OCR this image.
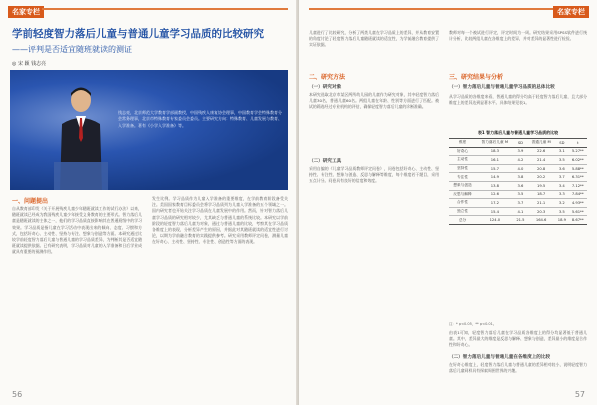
名家专栏
学前轻度智力落后儿童与普通儿童学习品质的比较研究
——评判是否适宜随班就读的测证
◎ 宋 颖 钱志亮
钱志亮，北京师范大学教育学部副教授，中国残疾人康复协会理事，中国教育学会特殊教育分会常务理事，北京市特殊教育专家委员会委员。主要研究方向：特殊教育、儿童发展与教育、入学准备。著有《小学入学准备》等。
一、问题提出
自从教育部印发《关于开展残疾儿童少年随班就读工作的试行办法》以来，随班就读已经成为我国残疾儿童少年接受义务教育的主要形式。智力落后儿童是随班就读的主体之一，他们的学习品质直接影响其在普通班级中的学习效果。学习品质是指儿童在学习活动中表现出来的倾向、态度、习惯和方式，包括好奇心、主动性、坚持与专注、想象与创造等方面。本研究通过比较学前轻度智力落后儿童与普通儿童的学习品质差异，为判断其是否适宜随班就读提供依据。已有研究表明，学习品质对儿童的入学准备和日后学业成就具有重要的预测作用。
发生比例。学习品质作为儿童入学准备的重要维度，在学前教育阶段备受关注。美国国家教育目标委员会将学习品质列为儿童入学准备的五个领域之一。国内研究者也开始关注学习品质在儿童发展中的作用。然而，针对智力落后儿童学习品质的研究相对较少，尤其缺乏与普通儿童的系统比较。本研究以学前阶段的轻度智力落后儿童为对象，通过与普通儿童的比较，考察其在学习品质各维度上的表现，分析差异产生的原因，并据此对其随班就读的适宜性进行讨论，以期为学前融合教育的实践提供参考。研究采用教师评定问卷，测量儿童在好奇心、主动性、坚持性、专注性、创造性等方面的表现。
56
名家专栏
儿童进行了比较研究，分析了两类儿童在学习品质上的差异，并从教育安置的角度讨论了轻度智力落后儿童随班就读的适宜性，为学前融合教育提供了实证依据。
二、研究方法
（一）研究对象
本研究选取北京市某区两所幼儿园的儿童作为研究对象，其中轻度智力落后儿童30名，普通儿童60名。两组儿童在年龄、性别等方面进行了匹配。被试的筛选经过专业机构的评估，确保轻度智力落后儿童的诊断准确。
（二）研究工具
采用自编的《儿童学习品质教师评定问卷》，问卷包括好奇心、主动性、坚持性、专注性、想象与创造、反思与解释等维度，每个维度若干题目，采用五点计分。问卷具有良好的信度和效度。
教师对每一个被试进行评定，评定时间为一周。研究结果采用SPSS软件进行统计分析，比较两组儿童在各维度上的差异，并对差异的显著性进行检验。
三、研究结果与分析
（一）智力落后儿童与普通儿童学习品质的总体比较
从学习品质的各维度来看，普通儿童的得分均高于轻度智力落后儿童，且大部分维度上的差异达到显著水平。具体结果见表1。
表1 智力落后儿童与普通儿童学习品质的比较
维度	智力落后儿童 M	SD	普通儿童 M	SD	t
好奇心	18.3	3.9	22.6	3.1	5.27**
主动性	16.1	4.2	21.4	3.5	6.02**
坚持性	15.7	4.0	20.8	3.6	5.88**
专注性	14.9	3.8	20.2	3.7	6.31**
想象与创造	13.8	3.6	19.5	3.4	7.12**
反思与解释	12.6	3.5	18.7	3.3	7.84**
合作性	17.2	3.7	21.1	3.2	4.93**
独立性	15.4	4.1	20.3	3.5	5.61**
总分	124.0	21.5	164.6	18.9	8.67**
注：* p<0.05，** p<0.01。
由表1可知，轻度智力落后儿童在学习品质各维度上的得分均显著低于普通儿童。其中，差异最大的维度是反思与解释、想象与创造，差异最小的维度是合作性和好奇心。
（二）智力落后儿童与普通儿童在各维度上的比较
在好奇心维度上，轻度智力落后儿童与普通儿童的差异相对较小，说明轻度智力落后儿童同样具有探索周围世界的兴趣。
57
